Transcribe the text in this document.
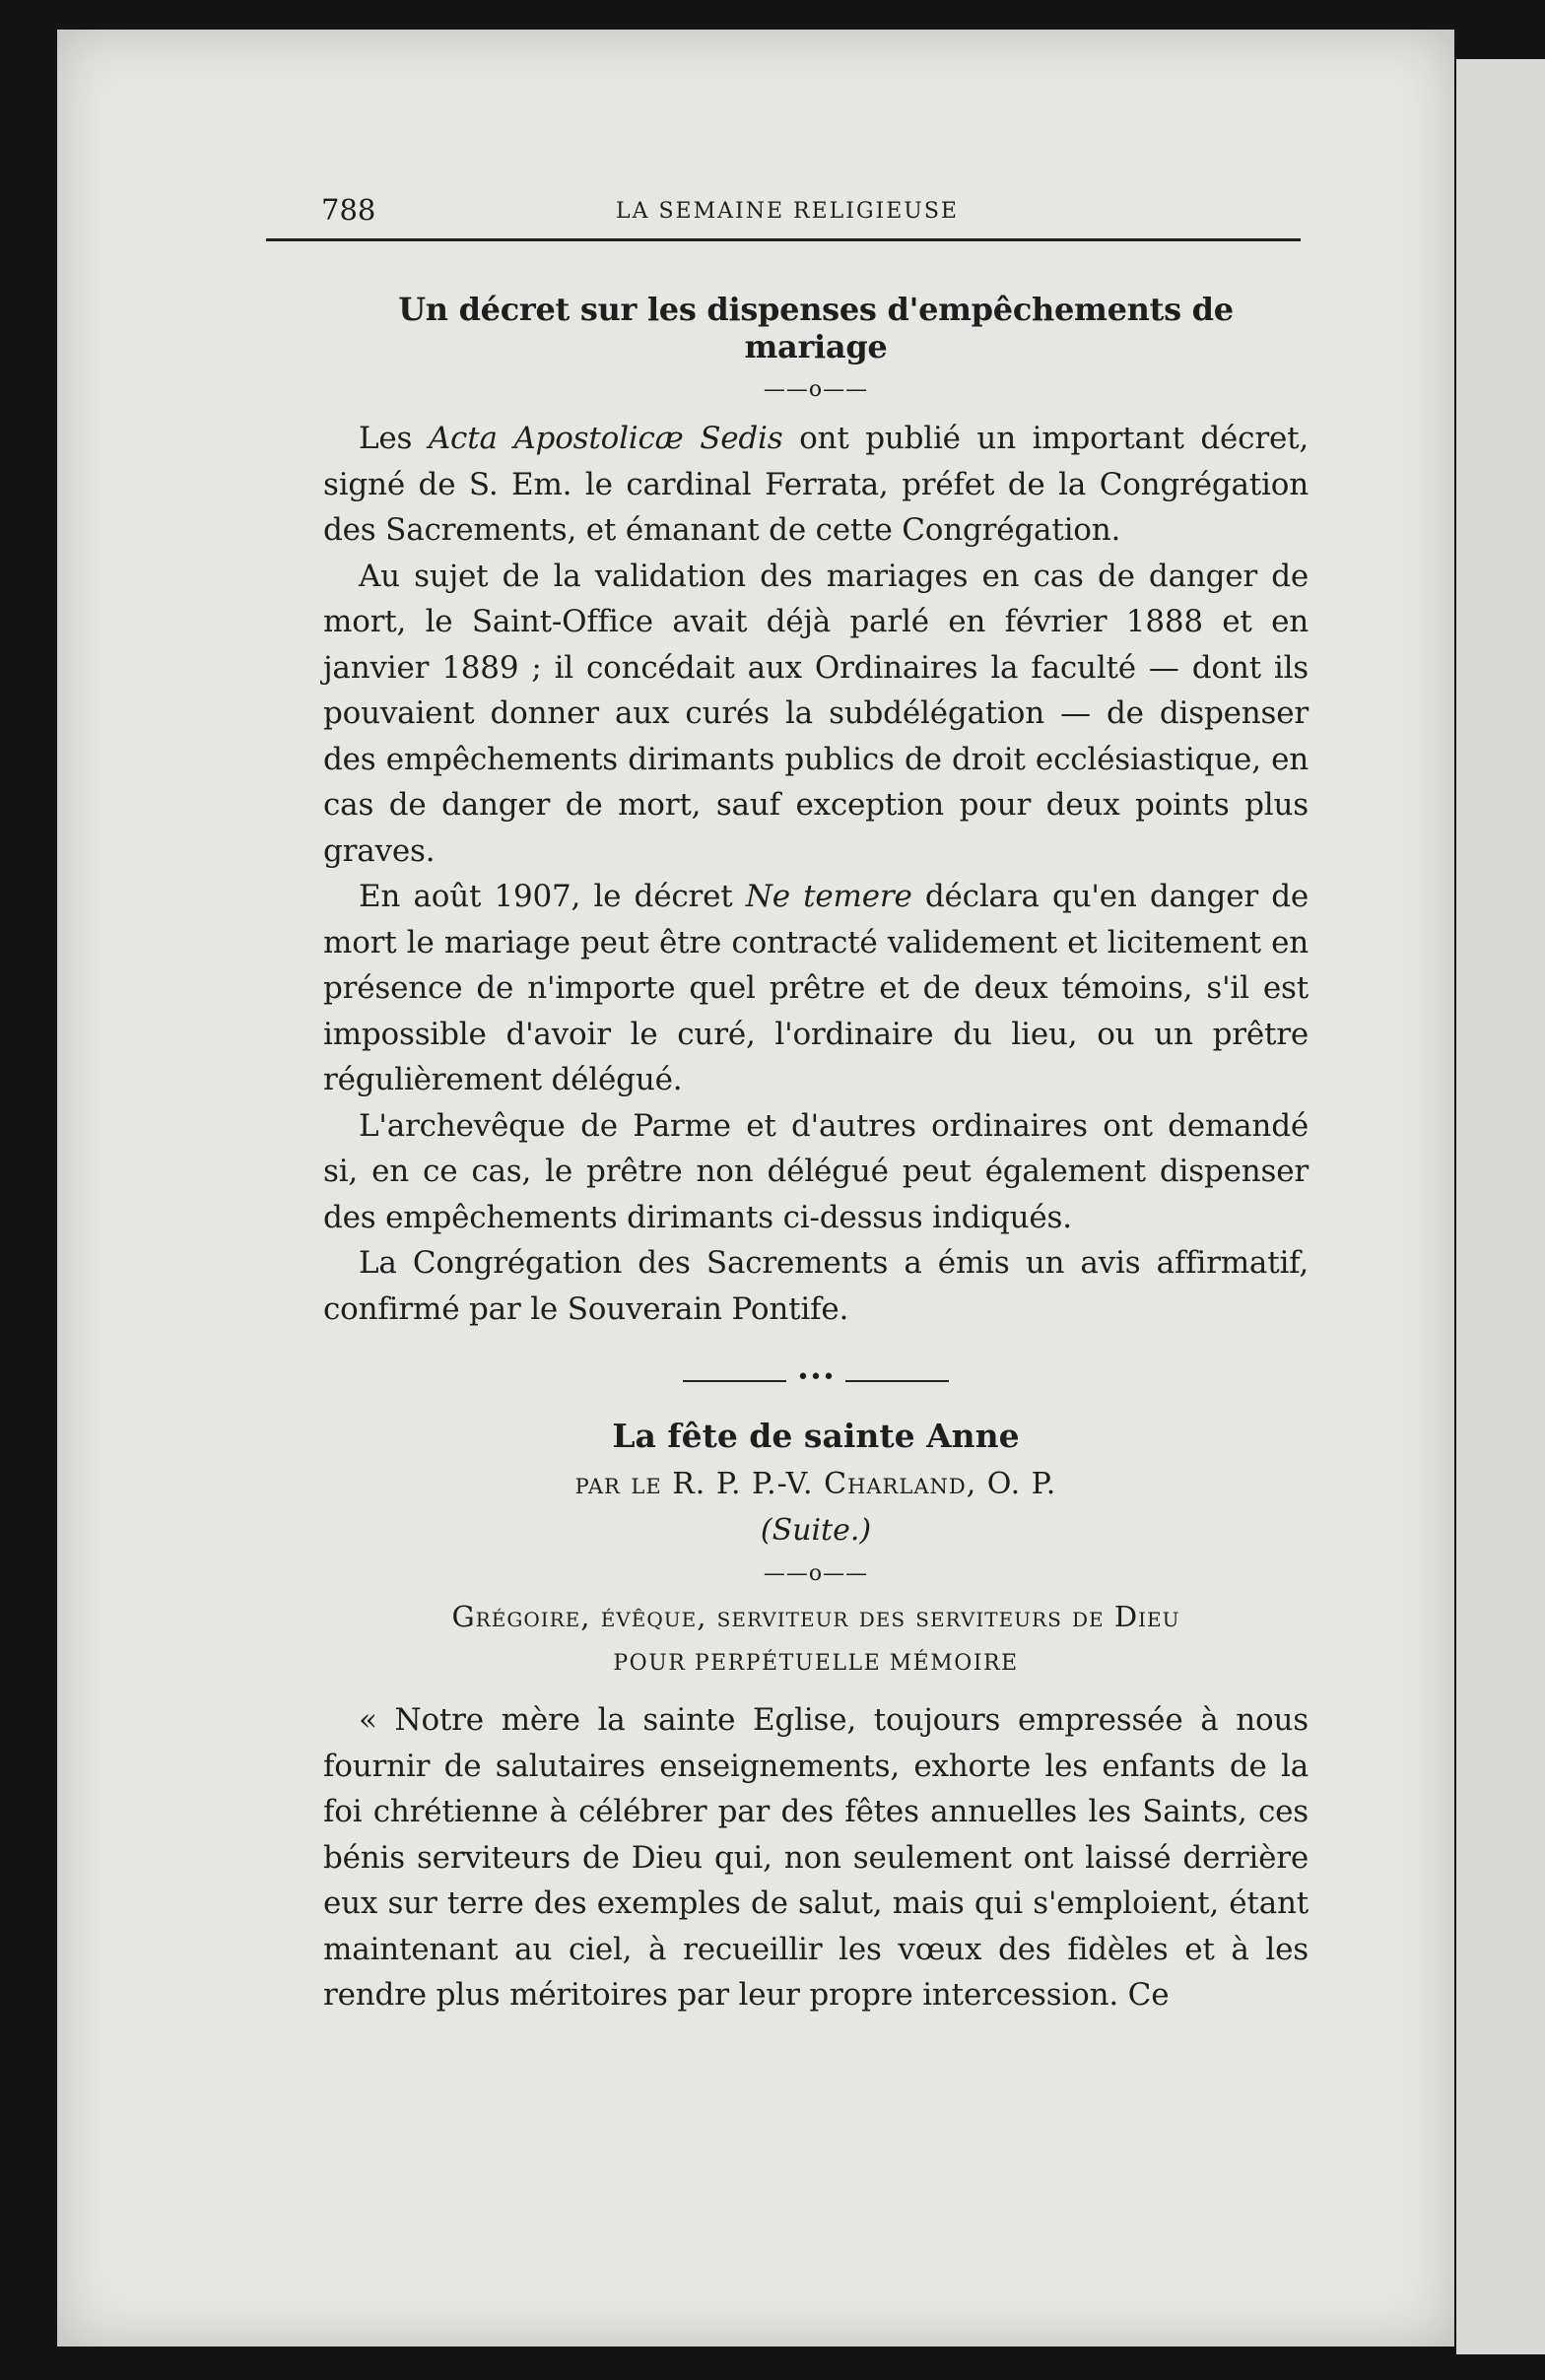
788	LA SEMAINE RELIGIEUSE
Un décret sur les dispenses d'empêchements de mariage
——o——

Les Acta Apostolicæ Sedis ont publié un important décret, signé de S. Em. le cardinal Ferrata, préfet de la Congrégation des Sacrements, et émanant de cette Congrégation.

Au sujet de la validation des mariages en cas de danger de mort, le Saint-Office avait déjà parlé en février 1888 et en janvier 1889 ; il concédait aux Ordinaires la faculté — dont ils pouvaient donner aux curés la subdélégation — de dispenser des empêchements dirimants publics de droit ecclésiastique, en cas de danger de mort, sauf exception pour deux points plus graves.

En août 1907, le décret Ne temere déclara qu'en danger de mort le mariage peut être contracté validement et licitement en présence de n'importe quel prêtre et de deux témoins, s'il est impossible d'avoir le curé, l'ordinaire du lieu, ou un prêtre régulièrement délégué.

L'archevêque de Parme et d'autres ordinaires ont demandé si, en ce cas, le prêtre non délégué peut également dispenser des empêchements dirimants ci-dessus indiqués.

La Congrégation des Sacrements a émis un avis affirmatif, confirmé par le Souverain Pontife.

•••
La fête de sainte Anne
par le R. P. P.-V. Charland, O. P.
(Suite.)
——o——
Grégoire, évêque, serviteur des serviteurs de Dieu
POUR PERPÉTUELLE MÉMOIRE

« Notre mère la sainte Eglise, toujours empressée à nous fournir de salutaires enseignements, exhorte les enfants de la foi chrétienne à célébrer par des fêtes annuelles les Saints, ces bénis serviteurs de Dieu qui, non seulement ont laissé derrière eux sur terre des exemples de salut, mais qui s'emploient, étant maintenant au ciel, à recueillir les vœux des fidèles et à les rendre plus méritoires par leur propre intercession. Ce
